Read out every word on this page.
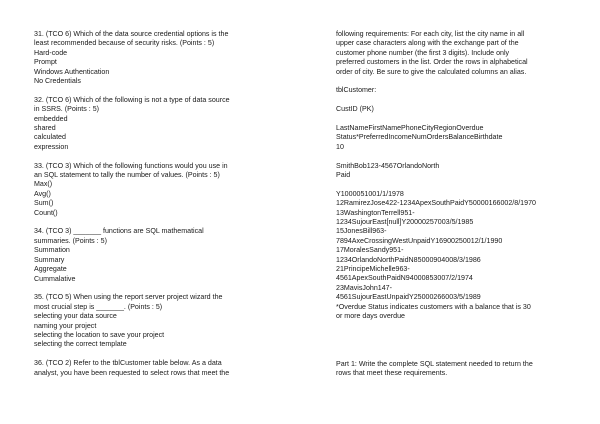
31. (TCO 6) Which of the data source credential options is the
least recommended because of security risks. (Points : 5)
Hard-code
Prompt
Windows Authentication
No Credentials
32. (TCO 6) Which of the following is not a type of data source
in SSRS. (Points : 5)
embedded
shared
calculated
expression
33. (TCO 3) Which of the following functions would you use in
an SQL statement to tally the number of values. (Points : 5)
Max()
Avg()
Sum()
Count()
34. (TCO 3) _______ functions are SQL mathematical
summaries. (Points : 5)
Summation
Summary
Aggregate
Cummalative
35. (TCO 5) When using the report server project wizard the
most crucial step is _______. (Points : 5)
selecting your data source
naming your project
selecting the location to save your project
selecting the correct template
36. (TCO 2) Refer to the tblCustomer table below. As a data
analyst, you have been requested to select rows that meet the
following requirements: For each city, list the city name in all
upper case characters along with the exchange part of the
customer phone number (the first 3 digits). Include only
preferred customers in the list. Order the rows in alphabetical
order of city. Be sure to give the calculated columns an alias.
tblCustomer:
CustID (PK)
LastNameFirstNamePhoneCityRegionOverdue
Status*PreferredIncomeNumOrdersBalanceBirthdate
10
SmithBob123-4567OrlandoNorth
Paid
Y1000051001/1/1978
12RamirezJose422-1234ApexSouthPaidY50000166002/8/1970
13WashingtonTerrell951-
1234SujourEast[null]Y20000257003/5/1985
15JonesBill963-
7894AxeCrossingWestUnpaidY16900250012/1/1990
17MoralesSandy951-
1234OrlandoNorthPaidN85000904008/3/1986
21PrincipeMichelle963-
4561ApexSouthPaidN94000853007/2/1974
23MavisJohn147-
4561SujourEastUnpaidY25000266003/5/1989
*Overdue Status indicates customers with a balance that is 30
or more days overdue
Part 1: Write the complete SQL statement needed to return the
rows that meet these requirements.
